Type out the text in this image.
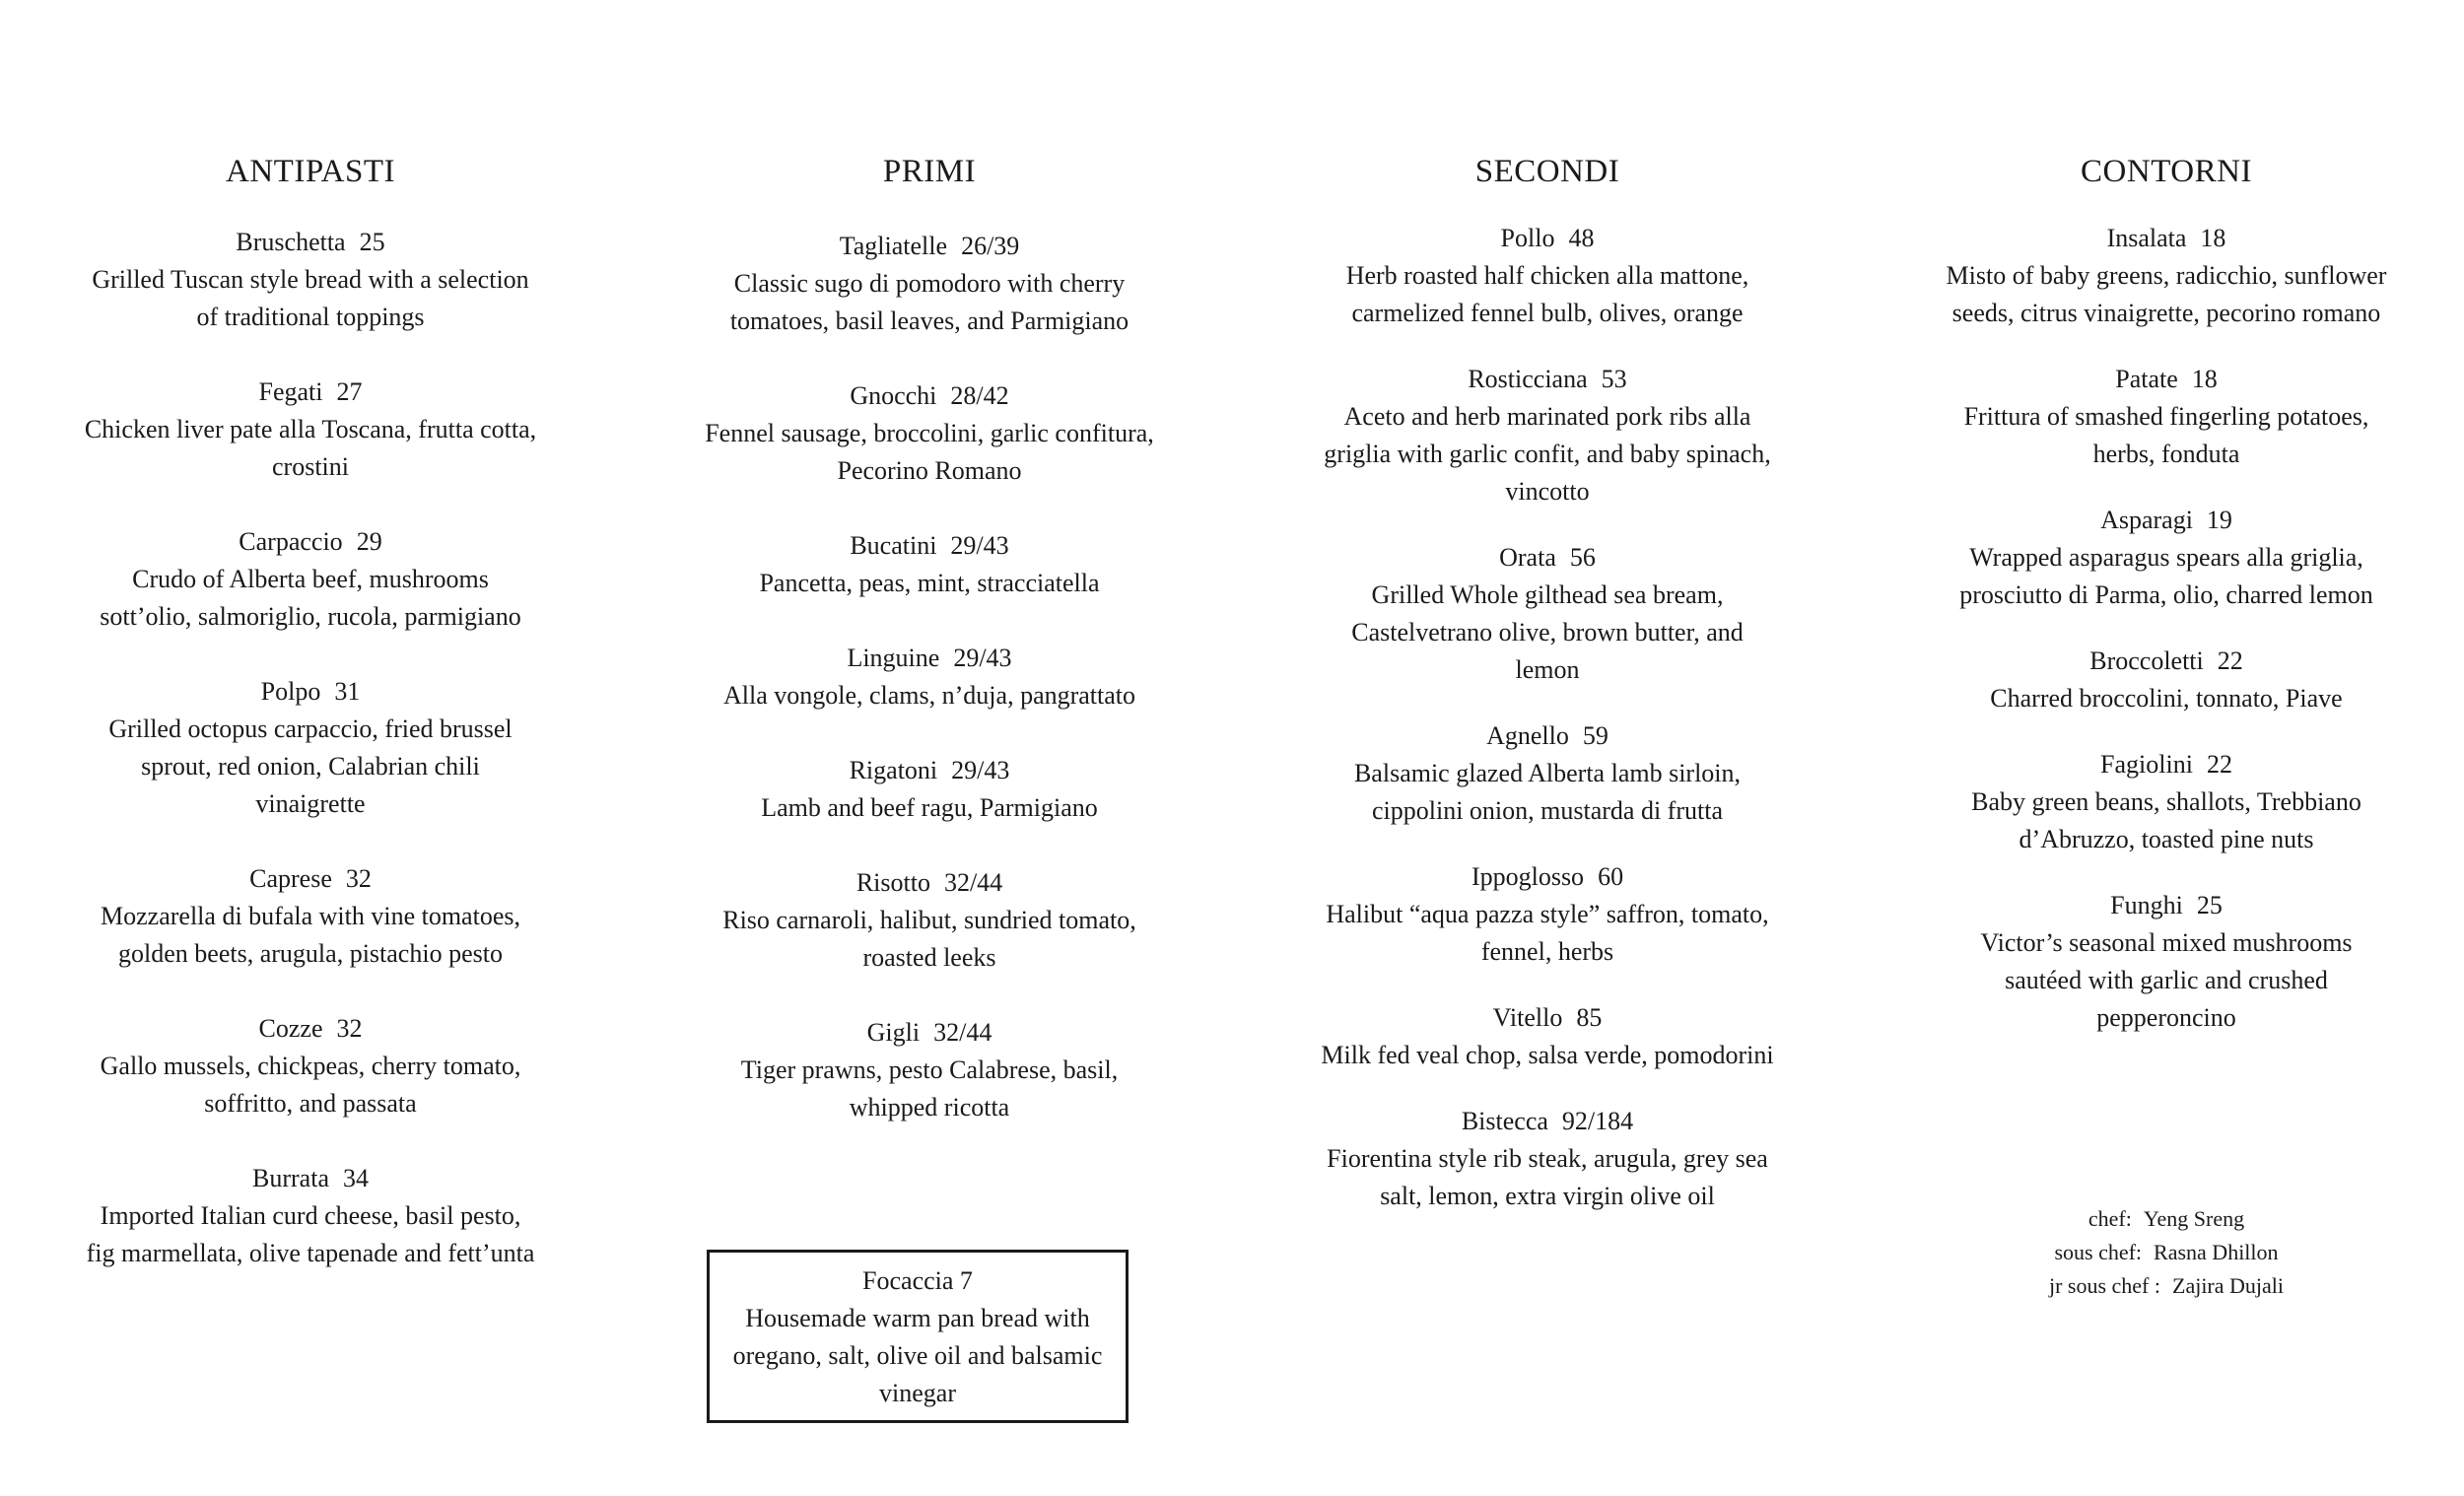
ANTIPASTI
Bruschetta 25
Grilled Tuscan style bread with a selection of traditional toppings
Fegati 27
Chicken liver pate alla Toscana, frutta cotta, crostini
Carpaccio 29
Crudo of Alberta beef, mushrooms sott’olio, salmoriglio, rucola, parmigiano
Polpo 31
Grilled octopus carpaccio, fried brussel sprout, red onion, Calabrian chili vinaigrette
Caprese 32
Mozzarella di bufala with vine tomatoes, golden beets, arugula, pistachio pesto
Cozze 32
Gallo mussels, chickpeas, cherry tomato, soffritto, and passata
Burrata 34
Imported Italian curd cheese, basil pesto, fig marmellata, olive tapenade and fett’unta
PRIMI
Tagliatelle 26/39
Classic sugo di pomodoro with cherry tomatoes, basil leaves, and Parmigiano
Gnocchi 28/42
Fennel sausage, broccolini, garlic confitura, Pecorino Romano
Bucatini 29/43
Pancetta, peas, mint, stracciatella
Linguine 29/43
Alla vongole, clams, n’duja, pangrattato
Rigatoni 29/43
Lamb and beef ragu, Parmigiano
Risotto 32/44
Riso carnaroli, halibut, sundried tomato, roasted leeks
Gigli 32/44
Tiger prawns, pesto Calabrese, basil, whipped ricotta
Focaccia 7
Housemade warm pan bread with oregano, salt, olive oil and balsamic vinegar
SECONDI
Pollo 48
Herb roasted half chicken alla mattone, carmelized fennel bulb, olives, orange
Rosticciana 53
Aceto and herb marinated pork ribs alla griglia with garlic confit, and baby spinach, vincotto
Orata 56
Grilled Whole gilthead sea bream, Castelvetrano olive, brown butter, and lemon
Agnello 59
Balsamic glazed Alberta lamb sirloin, cippolini onion, mustarda di frutta
Ippoglosso 60
Halibut “aqua pazza style” saffron, tomato, fennel, herbs
Vitello 85
Milk fed veal chop, salsa verde, pomodorini
Bistecca 92/184
Fiorentina style rib steak, arugula, grey sea salt, lemon, extra virgin olive oil
CONTORNI
Insalata 18
Misto of baby greens, radicchio, sunflower seeds, citrus vinaigrette, pecorino romano
Patate 18
Frittura of smashed fingerling potatoes, herbs, fonduta
Asparagi 19
Wrapped asparagus spears alla griglia, prosciutto di Parma, olio, charred lemon
Broccoletti 22
Charred broccolini, tonnato, Piave
Fagiolini 22
Baby green beans, shallots, Trebbiano d’Abruzzo, toasted pine nuts
Funghi 25
Victor’s seasonal mixed mushrooms sautéed with garlic and crushed pepperoncino
chef: Yeng Sreng
sous chef: Rasna Dhillon
jr sous chef : Zajira Dujali
